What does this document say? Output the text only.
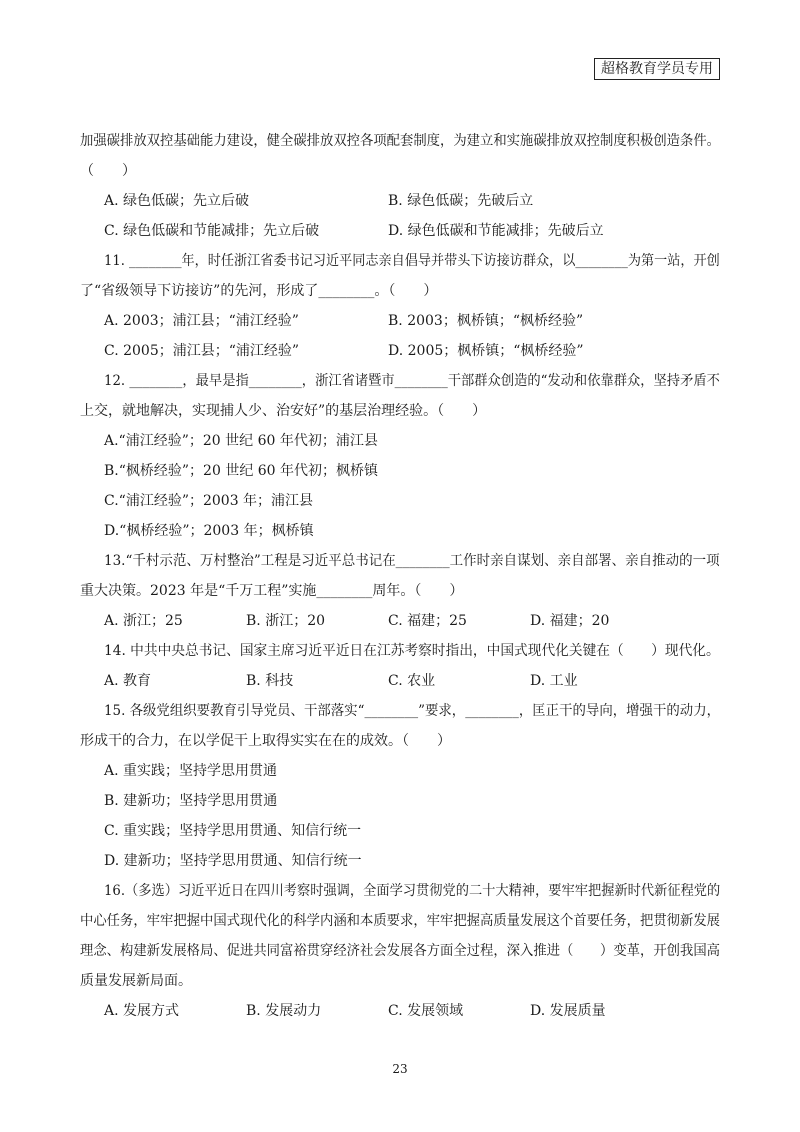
超格教育学员专用
加强碳排放双控基础能力建设，健全碳排放双控各项配套制度，为建立和实施碳排放双控制度积极创造条件。
（　　）
A. 绿色低碳；先立后破	B. 绿色低碳；先破后立
C. 绿色低碳和节能减排；先立后破	D. 绿色低碳和节能减排；先破后立
11. ________年，时任浙江省委书记习近平同志亲自倡导并带头下访接访群众，以________为第一站，开创
了“省级领导下访接访”的先河，形成了________。（　　）
A. 2003；浦江县；“浦江经验”	B. 2003；枫桥镇；“枫桥经验”
C. 2005；浦江县；“浦江经验”	D. 2005；枫桥镇；“枫桥经验”
12. ________，最早是指________，浙江省诸暨市________干部群众创造的“发动和依靠群众，坚持矛盾不
上交，就地解决，实现捕人少、治安好”的基层治理经验。（　　）
A.“浦江经验”；20 世纪 60 年代初；浦江县
B.“枫桥经验”；20 世纪 60 年代初；枫桥镇
C.“浦江经验”；2003 年；浦江县
D.“枫桥经验”；2003 年；枫桥镇
13.“千村示范、万村整治”工程是习近平总书记在________工作时亲自谋划、亲自部署、亲自推动的一项
重大决策。2023 年是“千万工程”实施________周年。（　　）
A. 浙江；25	B. 浙江；20	C. 福建；25	D. 福建；20
14. 中共中央总书记、国家主席习近平近日在江苏考察时指出，中国式现代化关键在（　　）现代化。
A. 教育	B. 科技	C. 农业	D. 工业
15. 各级党组织要教育引导党员、干部落实“________”要求，________，匡正干的导向，增强干的动力，
形成干的合力，在以学促干上取得实实在在的成效。（　　）
A. 重实践；坚持学思用贯通
B. 建新功；坚持学思用贯通
C. 重实践；坚持学思用贯通、知信行统一
D. 建新功；坚持学思用贯通、知信行统一
16.（多选）习近平近日在四川考察时强调，全面学习贯彻党的二十大精神，要牢牢把握新时代新征程党的
中心任务，牢牢把握中国式现代化的科学内涵和本质要求，牢牢把握高质量发展这个首要任务，把贯彻新发展
理念、构建新发展格局、促进共同富裕贯穿经济社会发展各方面全过程，深入推进（　　）变革，开创我国高
质量发展新局面。
A. 发展方式	B. 发展动力	C. 发展领域	D. 发展质量
23
